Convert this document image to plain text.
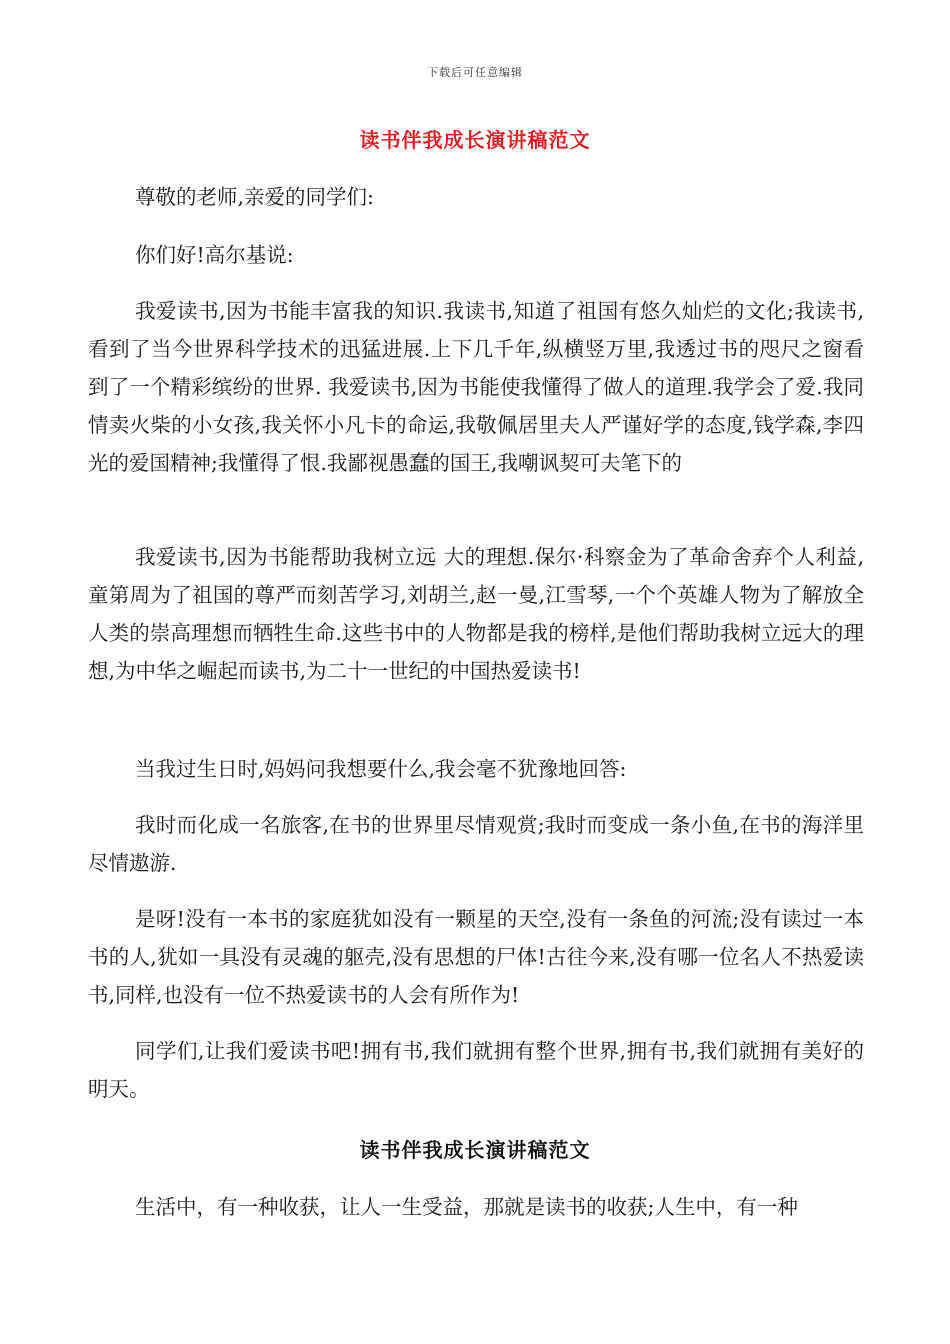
下载后可任意编辑
读书伴我成长演讲稿范文

尊敬的老师,亲爱的同学们:

你们好!高尔基说:

我爱读书,因为书能丰富我的知识.我读书,知道了祖国有悠久灿烂的文化;我读书,看到了当今世界科学技术的迅猛进展.上下几千年,纵横竖万里,我透过书的咫尺之窗看到了一个精彩缤纷的世界. 我爱读书,因为书能使我懂得了做人的道理.我学会了爱.我同情卖火柴的小女孩,我关怀小凡卡的命运,我敬佩居里夫人严谨好学的态度,钱学森,李四光的爱国精神;我懂得了恨.我鄙视愚蠢的国王,我嘲讽契可夫笔下的

我爱读书,因为书能帮助我树立远 大的理想.保尔·科察金为了革命舍弃个人利益,童第周为了祖国的尊严而刻苦学习,刘胡兰,赵一曼,江雪琴,一个个英雄人物为了解放全人类的崇高理想而牺牲生命.这些书中的人物都是我的榜样,是他们帮助我树立远大的理想,为中华之崛起而读书,为二十一世纪的中国热爱读书!

当我过生日时,妈妈问我想要什么,我会毫不犹豫地回答:

我时而化成一名旅客,在书的世界里尽情观赏;我时而变成一条小鱼,在书的海洋里尽情遨游.

是呀!没有一本书的家庭犹如没有一颗星的天空,没有一条鱼的河流;没有读过一本书的人,犹如一具没有灵魂的躯壳,没有思想的尸体!古往今来,没有哪一位名人不热爱读书,同样,也没有一位不热爱读书的人会有所作为!

同学们,让我们爱读书吧!拥有书,我们就拥有整个世界,拥有书,我们就拥有美好的明天。

读书伴我成长演讲稿范文

生活中，有一种收获，让人一生受益，那就是读书的收获;人生中，有一种
